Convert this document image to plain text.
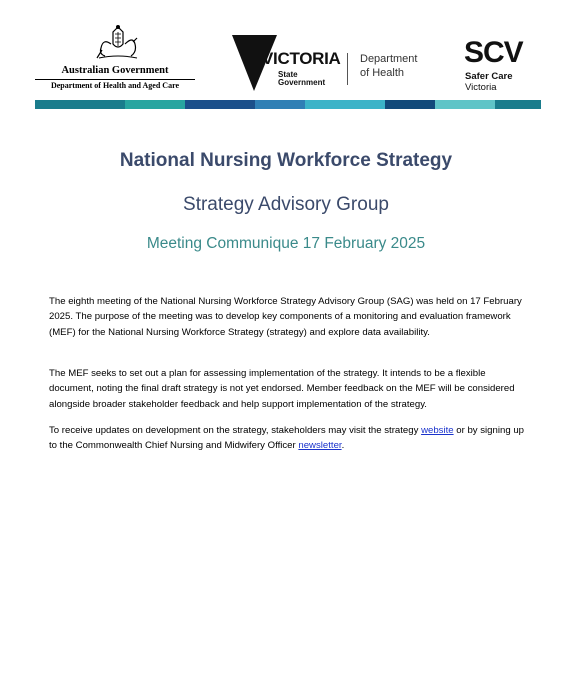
Australian Government
Department of Health and Aged Care
VICTORIA
State
Government
Department
of Health
SCV
Safer Care
Victoria
National Nursing Workforce Strategy
Strategy Advisory Group
Meeting Communique 17 February 2025
The eighth meeting of the National Nursing Workforce Strategy Advisory Group (SAG) was held on 17 February 2025. The purpose of the meeting was to develop key components of a monitoring and evaluation framework (MEF) for the National Nursing Workforce Strategy (strategy) and explore data availability.
The MEF seeks to set out a plan for assessing implementation of the strategy. It intends to be a flexible document, noting the final draft strategy is not yet endorsed. Member feedback on the MEF will be considered alongside broader stakeholder feedback and help support implementation of the strategy.
To receive updates on development on the strategy, stakeholders may visit the strategy website or by signing up to the Commonwealth Chief Nursing and Midwifery Officer newsletter.
